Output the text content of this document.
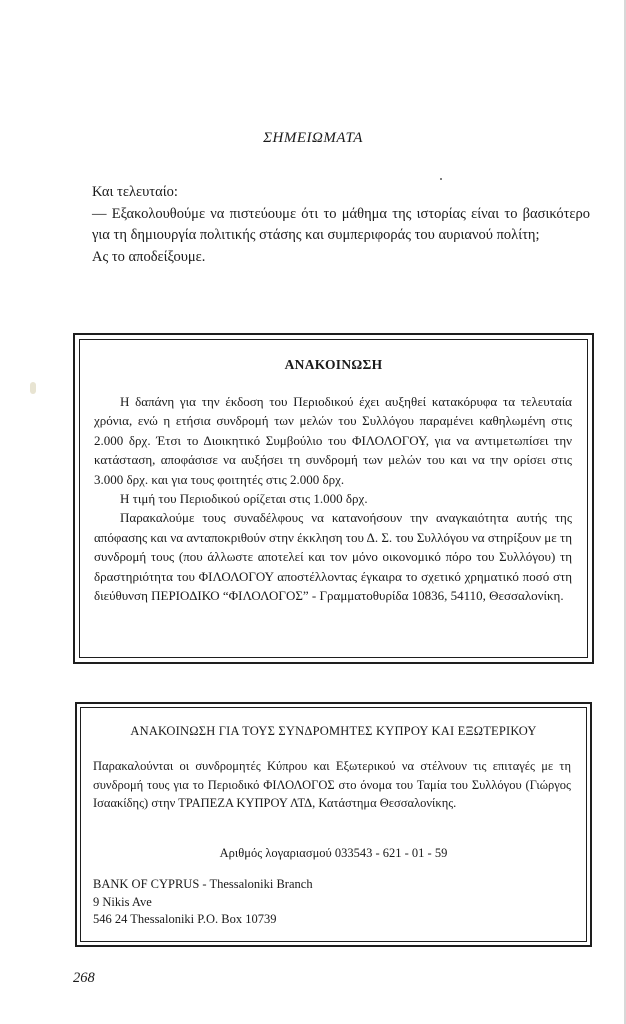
ΣΗΜΕΙΩΜΑΤΑ

Και τελευταίο:

— Εξακολουθούμε να πιστεύουμε ότι το μάθημα της ιστορίας είναι το βασικότερο για τη δημιουργία πολιτικής στάσης και συμπεριφοράς του αυριανού πολίτη;

Ας το αποδείξουμε.

ΑΝΑΚΟΙΝΩΣΗ

Η δαπάνη για την έκδοση του Περιοδικού έχει αυξηθεί κατακόρυφα τα τελευταία χρόνια, ενώ η ετήσια συνδρομή των μελών του Συλλόγου παραμένει καθηλωμένη στις 2.000 δρχ. Έτσι το Διοικητικό Συμβούλιο του ΦΙΛΟΛΟΓΟΥ, για να αντιμετωπίσει την κατάσταση, αποφάσισε να αυξήσει τη συνδρομή των μελών του και να την ορίσει στις 3.000 δρχ. και για τους φοιτητές στις 2.000 δρχ.

Η τιμή του Περιοδικού ορίζεται στις 1.000 δρχ.

Παρακαλούμε τους συναδέλφους να κατανοήσουν την αναγκαιότητα αυτής της απόφασης και να ανταποκριθούν στην έκκληση του Δ. Σ. του Συλλόγου να στηρίξουν με τη συνδρομή τους (που άλλωστε αποτελεί και τον μόνο οικονομικό πόρο του Συλλόγου) τη δραστηριότητα του ΦΙΛΟΛΟΓΟΥ αποστέλλοντας έγκαιρα το σχετικό χρηματικό ποσό στη διεύθυνση ΠΕΡΙΟΔΙΚΟ “ΦΙΛΟΛΟΓΟΣ” - Γραμματοθυρίδα 10836, 54110, Θεσσαλονίκη.

ΑΝΑΚΟΙΝΩΣΗ ΓΙΑ ΤΟΥΣ ΣΥΝΔΡΟΜΗΤΕΣ ΚΥΠΡΟΥ ΚΑΙ ΕΞΩΤΕΡΙΚΟΥ

Παρακαλούνται οι συνδρομητές Κύπρου και Εξωτερικού να στέλνουν τις επιταγές με τη συνδρομή τους για το Περιοδικό ΦΙΛΟΛΟΓΟΣ στο όνομα του Ταμία του Συλλόγου (Γιώργος Ισαακίδης) στην ΤΡΑΠΕΖΑ ΚΥΠΡΟΥ ΛΤΔ, Κατάστημα Θεσσαλονίκης.

Αριθμός λογαριασμού 033543 - 621 - 01 - 59
BANK OF CYPRUS - Thessaloniki Branch
9 Nikis Ave
546 24 Thessaloniki P.O. Box 10739
268
